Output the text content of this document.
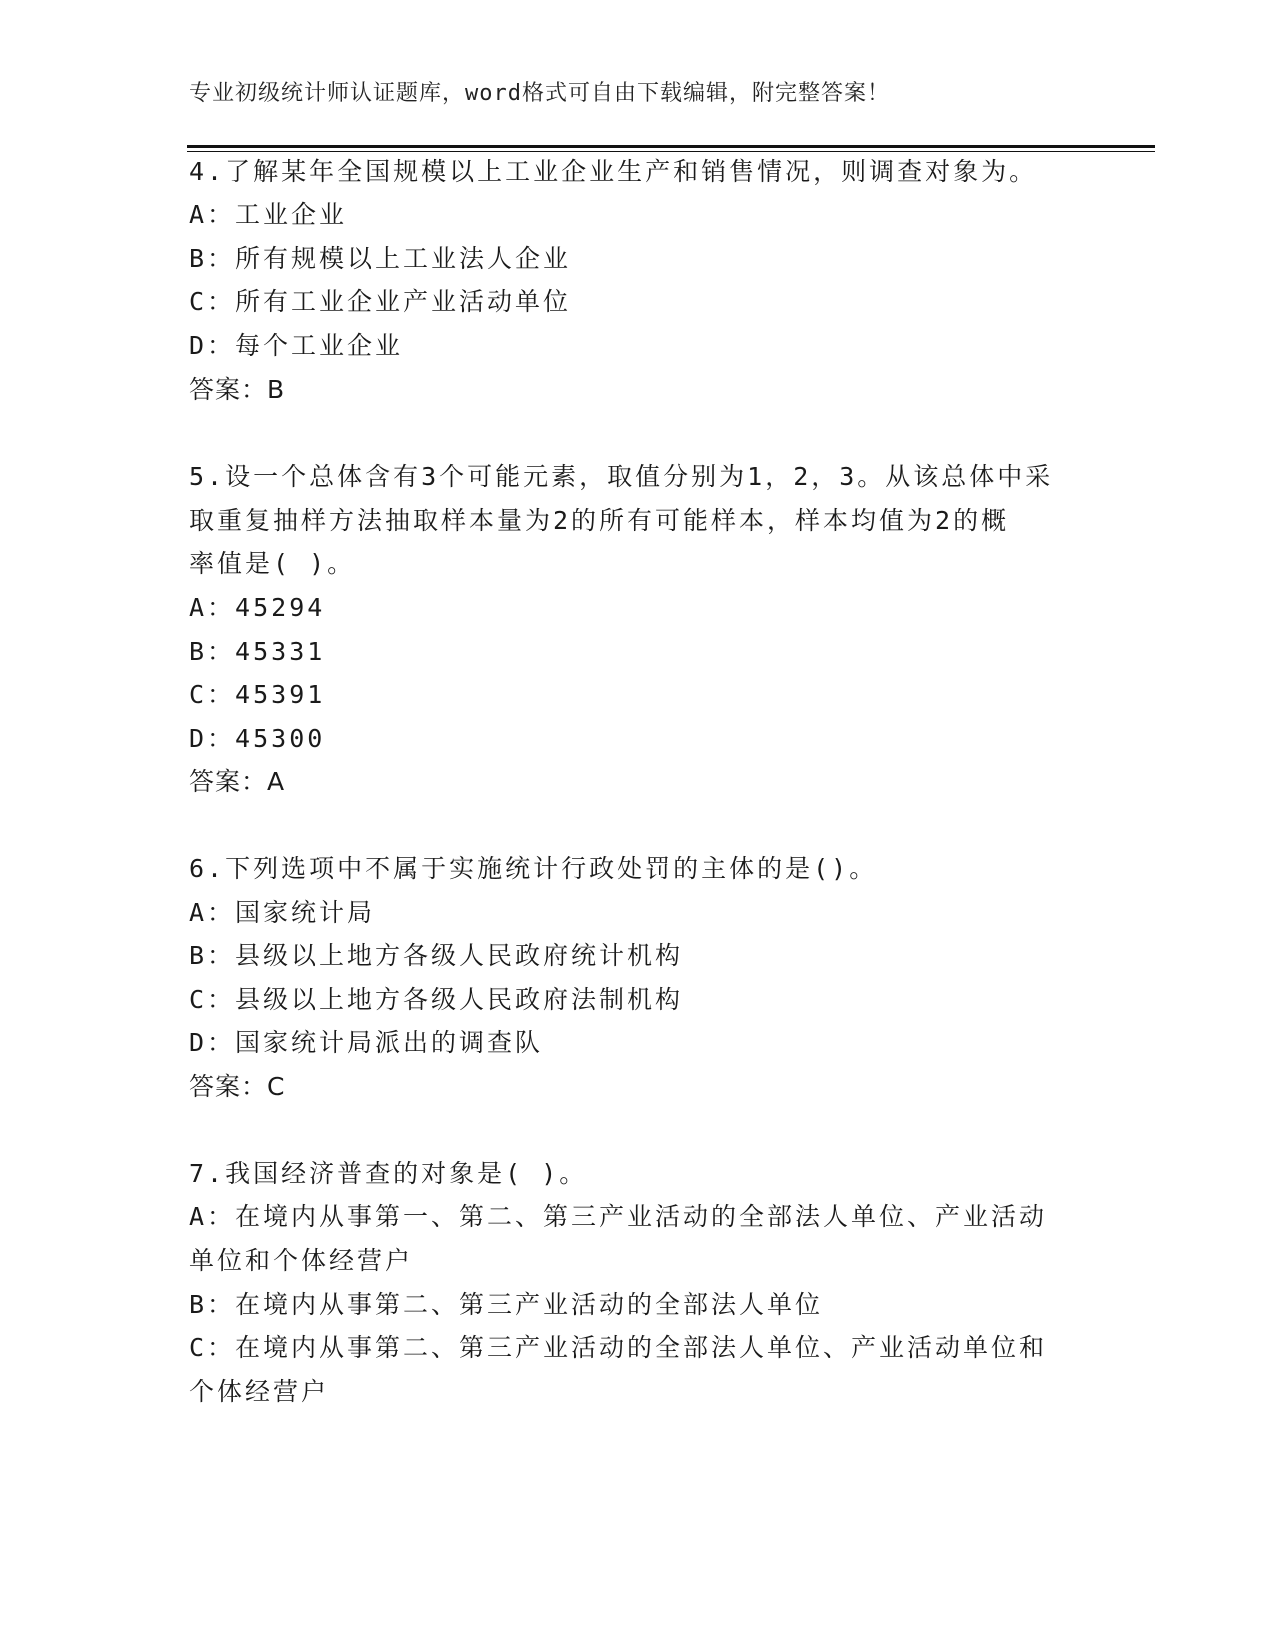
专业初级统计师认证题库，word格式可自由下载编辑，附完整答案！
4.了解某年全国规模以上工业企业生产和销售情况，则调查对象为。
A：工业企业
B：所有规模以上工业法人企业
C：所有工业企业产业活动单位
D：每个工业企业
答案：B
5.设一个总体含有3个可能元素，取值分别为1，2，3。从该总体中采
取重复抽样方法抽取样本量为2的所有可能样本，样本均值为2的概
率值是( )。
A：45294
B：45331
C：45391
D：45300
答案：A
6.下列选项中不属于实施统计行政处罚的主体的是()。
A：国家统计局
B：县级以上地方各级人民政府统计机构
C：县级以上地方各级人民政府法制机构
D：国家统计局派出的调查队
答案：C
7.我国经济普查的对象是( )。
A：在境内从事第一、第二、第三产业活动的全部法人单位、产业活动
单位和个体经营户
B：在境内从事第二、第三产业活动的全部法人单位
C：在境内从事第二、第三产业活动的全部法人单位、产业活动单位和
个体经营户
